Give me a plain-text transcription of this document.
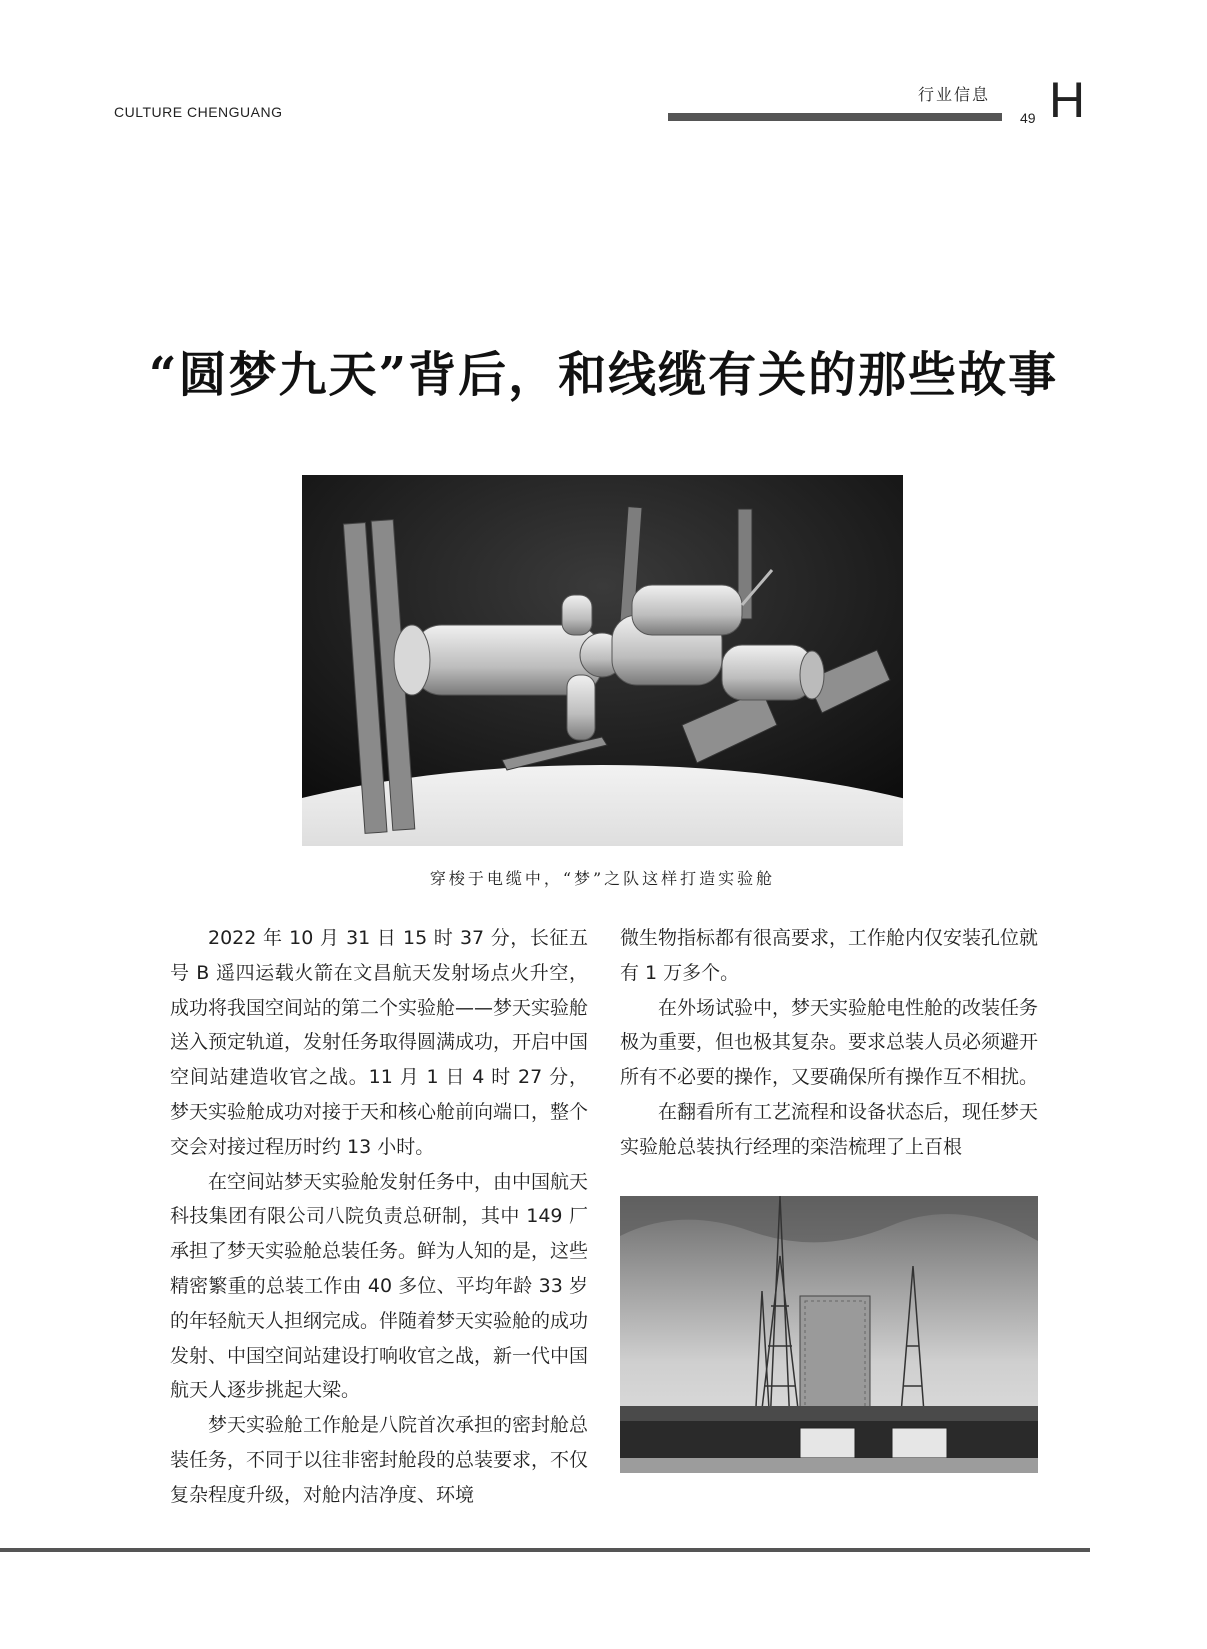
CULTURE CHENGUANG
行业信息
49 H
“圆梦九天”背后，和线缆有关的那些故事
穿梭于电缆中，“梦”之队这样打造实验舱

2022 年 10 月 31 日 15 时 37 分，长征五号 B 遥四运载火箭在文昌航天发射场点火升空，成功将我国空间站的第二个实验舱——梦天实验舱送入预定轨道，发射任务取得圆满成功，开启中国空间站建造收官之战。11 月 1 日 4 时 27 分，梦天实验舱成功对接于天和核心舱前向端口，整个交会对接过程历时约 13 小时。

在空间站梦天实验舱发射任务中，由中国航天科技集团有限公司八院负责总研制，其中 149 厂承担了梦天实验舱总装任务。鲜为人知的是，这些精密繁重的总装工作由 40 多位、平均年龄 33 岁的年轻航天人担纲完成。伴随着梦天实验舱的成功发射、中国空间站建设打响收官之战，新一代中国航天人逐步挑起大梁。

梦天实验舱工作舱是八院首次承担的密封舱总装任务，不同于以往非密封舱段的总装要求，不仅复杂程度升级，对舱内洁净度、环境

微生物指标都有很高要求，工作舱内仅安装孔位就有 1 万多个。

在外场试验中，梦天实验舱电性舱的改装任务极为重要，但也极其复杂。要求总装人员必须避开所有不必要的操作，又要确保所有操作互不相扰。

在翻看所有工艺流程和设备状态后，现任梦天实验舱总装执行经理的栾浩梳理了上百根
